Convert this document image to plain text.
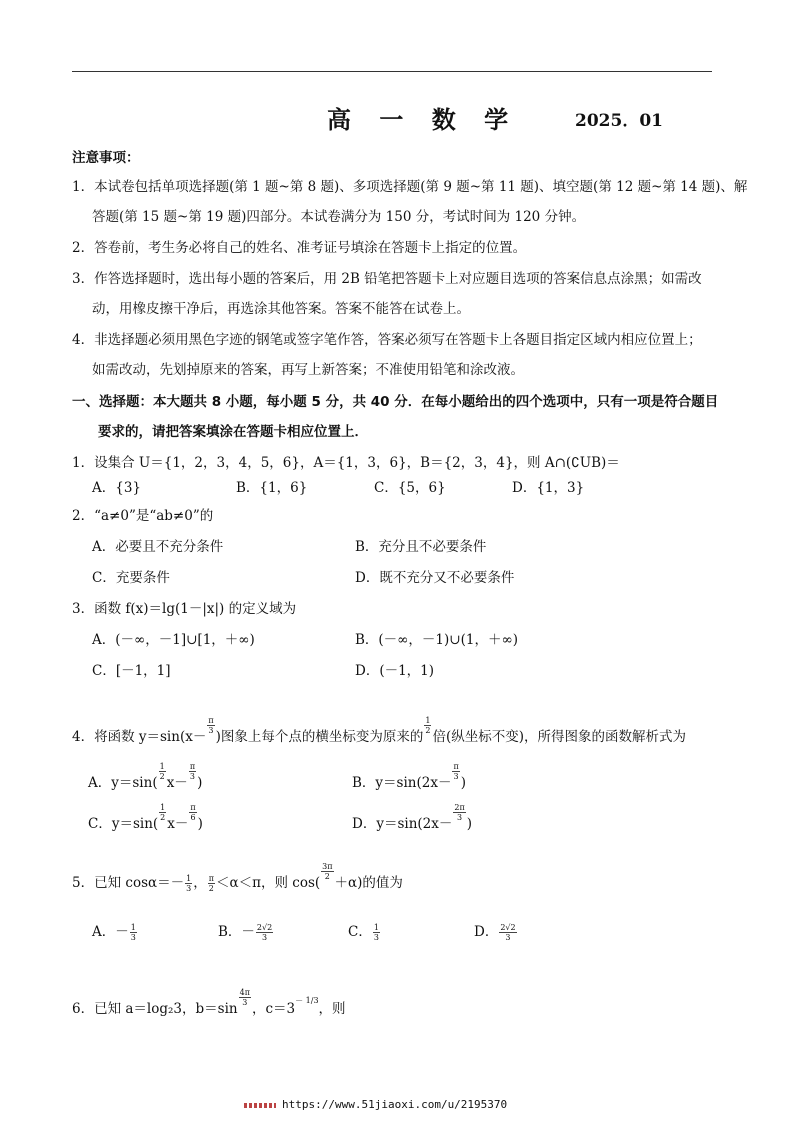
高 一 数 学	2025．01
注意事项：
1．本试卷包括单项选择题(第 1 题~第 8 题)、多项选择题(第 9 题~第 11 题)、填空题(第 12 题~第 14 题)、解
答题(第 15 题~第 19 题)四部分。本试卷满分为 150 分，考试时间为 120 分钟。
2．答卷前，考生务必将自己的姓名、准考证号填涂在答题卡上指定的位置。
3．作答选择题时，选出每小题的答案后，用 2B 铅笔把答题卡上对应题目选项的答案信息点涂黑；如需改
动，用橡皮擦干净后，再选涂其他答案。答案不能答在试卷上。
4．非选择题必须用黑色字迹的钢笔或签字笔作答，答案必须写在答题卡上各题目指定区域内相应位置上；
如需改动，先划掉原来的答案，再写上新答案；不准使用铅笔和涂改液。
一、选择题：本大题共 8 小题，每小题 5 分，共 40 分．在每小题给出的四个选项中，只有一项是符合题目
要求的，请把答案填涂在答题卡相应位置上．
1．设集合 U＝{1，2，3，4，5，6}，A＝{1，3，6}，B＝{2，3，4}，则 A∩(∁UB)＝
A．{3}	B．{1，6}	C．{5，6}	D．{1，3}
2．“a≠0”是“ab≠0”的
A．必要且不充分条件	B．充分且不必要条件
C．充要条件	D．既不充分又不必要条件
3．函数 f(x)＝lg(1－|x|) 的定义域为
A．(－∞，－1]∪[1，＋∞)	B．(－∞，－1)∪(1，＋∞)
C．[－1，1]	D．(－1，1)
4．将函数 y＝sin(x－
$\frac{\pi}{3}$
)图象上每个点的横坐标变为原来的
$\frac{1}{2}$
倍(纵坐标不变)，所得图象的函数解析式为
A．y＝sin(
$\frac{1}{2}$
x－
$\frac{\pi}{3}$
)	B．y＝sin(2x－
$\frac{\pi}{3}$
)
C．y＝sin(
$\frac{1}{2}$
x－
$\frac{\pi}{6}$
)	D．y＝sin(2x－
$\frac{2\pi}{3}$
)
5．已知 $\cos\alpha=- \frac{1}{3}$ ， $\frac{\pi}{2} <\alpha<\pi$，则 cos(
$\frac{3\pi}{2}$
＋α)的值为
A．－ $\frac{1}{3}$	B．－ $\frac{2√2}{3}$	C． $\frac{1}{3}$	D． $\frac{2√2}{3}$
6．已知 a＝log₂3，b＝sin
$\frac{4\pi}{3}$
，$c=3^{- 1/3}$，则
https://www.51jiaoxi.com/u/2195370
